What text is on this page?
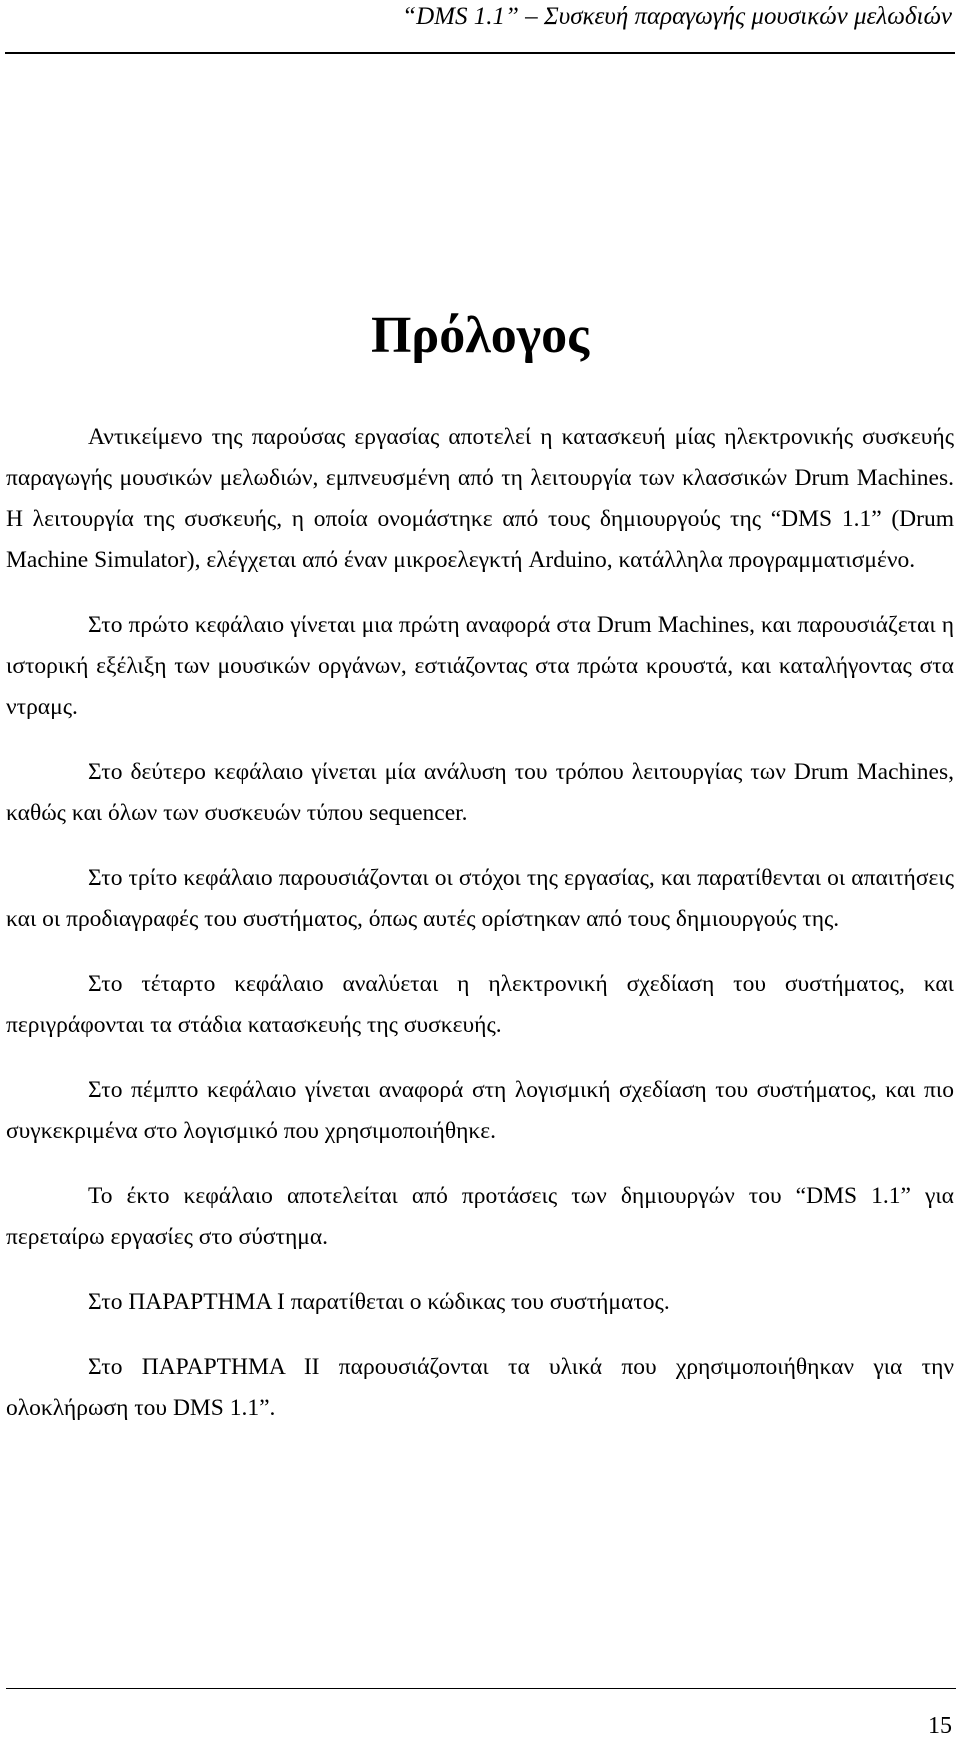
“DMS 1.1” – Συσκευή παραγωγής μουσικών μελωδιών
Πρόλογος

Αντικείμενο της παρούσας εργασίας αποτελεί η κατασκευή μίας ηλεκτρονικής συσκευής παραγωγής μουσικών μελωδιών, εμπνευσμένη από τη λειτουργία των κλασσικών Drum Machines. Η λειτουργία της συσκευής, η οποία ονομάστηκε από τους δημιουργούς της “DMS 1.1” (Drum Machine Simulator), ελέγχεται από έναν μικροελεγκτή Arduino, κατάλληλα προγραμματισμένο.

Στο πρώτο κεφάλαιο γίνεται μια πρώτη αναφορά στα Drum Machines, και παρουσιάζεται η ιστορική εξέλιξη των μουσικών οργάνων, εστιάζοντας στα πρώτα κρουστά, και καταλήγοντας στα ντραμς.

Στο δεύτερο κεφάλαιο γίνεται μία ανάλυση του τρόπου λειτουργίας των Drum Machines, καθώς και όλων των συσκευών τύπου sequencer.

Στο τρίτο κεφάλαιο παρουσιάζονται οι στόχοι της εργασίας, και παρατίθενται οι απαιτήσεις και οι προδιαγραφές του συστήματος, όπως αυτές ορίστηκαν από τους δημιουργούς της.

Στο τέταρτο κεφάλαιο αναλύεται η ηλεκτρονική σχεδίαση του συστήματος, και περιγράφονται τα στάδια κατασκευής της συσκευής.

Στο πέμπτο κεφάλαιο γίνεται αναφορά στη λογισμική σχεδίαση του συστήματος, και πιο συγκεκριμένα στο λογισμικό που χρησιμοποιήθηκε.

Το έκτο κεφάλαιο αποτελείται από προτάσεις των δημιουργών του “DMS 1.1” για περεταίρω εργασίες στο σύστημα.

Στο ΠΑΡΑΡΤΗΜΑ Ι παρατίθεται ο κώδικας του συστήματος.

Στο ΠΑΡΑΡΤΗΜΑ ΙΙ παρουσιάζονται τα υλικά που χρησιμοποιήθηκαν για την ολοκλήρωση του DMS 1.1”.

15
